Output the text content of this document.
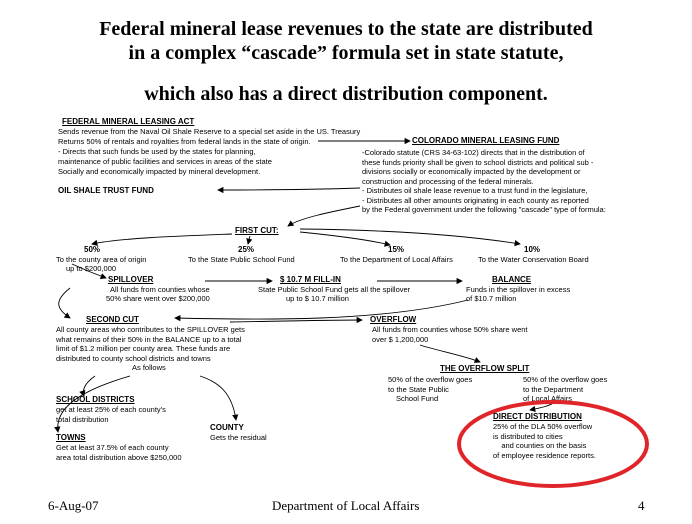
Federal mineral lease revenues to the state are distributed
in a complex “cascade” formula set in state statute,
which also has a direct distribution component.
FEDERAL MINERAL LEASING ACT
Sends revenue from the Naval Oil Shale Reserve to a special set aside in the US. Treasury
Returns 50% of rentals and royalties from federal lands in the state of origin.
- Directs that such funds be used by the states for planning,
maintenance of public facilities and services in areas of the state
Socially and economically impacted by mineral development.
COLORADO MINERAL LEASING FUND
-Colorado statute (CRS 34-63-102) directs that in the distribution of
these funds priority shall be given to school districts and political sub -
divisions socially or economically impacted by the development or
construction and processing of the federal minerals.
- Distributes oil shale lease revenue to a trust fund in the legislature,
- Distributes all other amounts originating in each county as reported
by the Federal government under the following "cascade" type of formula:
OIL SHALE TRUST FUND
FIRST CUT:
50%
To the county area of origin
up to $200,000
25%
To the State Public School Fund
15%
To the Department of Local Affairs
10%
To the Water Conservation Board
SPILLOVER
All funds from counties whose
50% share went over $200,000
$ 10.7 M FILL-IN
State Public School Fund gets all the spillover
up to $ 10.7 million
BALANCE
Funds in the spillover in excess
of $10.7 million
SECOND CUT
All county areas who contributes to the SPILLOVER gets
what remains of their 50% in the BALANCE up to a total
limit of $1.2 million per county area. These funds are
distributed to county school districts and towns
As follows
OVERFLOW
All funds from counties whose 50% share went
over $ 1,200,000
THE OVERFLOW SPLIT
50% of the overflow goes
to the State Public
School Fund
50% of the overflow goes
to the Department
of Local Affairs
SCHOOL DISTRICTS
get at least 25% of each county's
total distribution
COUNTY
Gets the residual
TOWNS
Get at least 37.5% of each county
area total distribution above $250,000
DIRECT DISTRIBUTION
25% of the DLA 50% overflow
is distributed to cities
and counties on the basis
of employee residence reports.
6-Aug-07	Department of Local Affairs	4
